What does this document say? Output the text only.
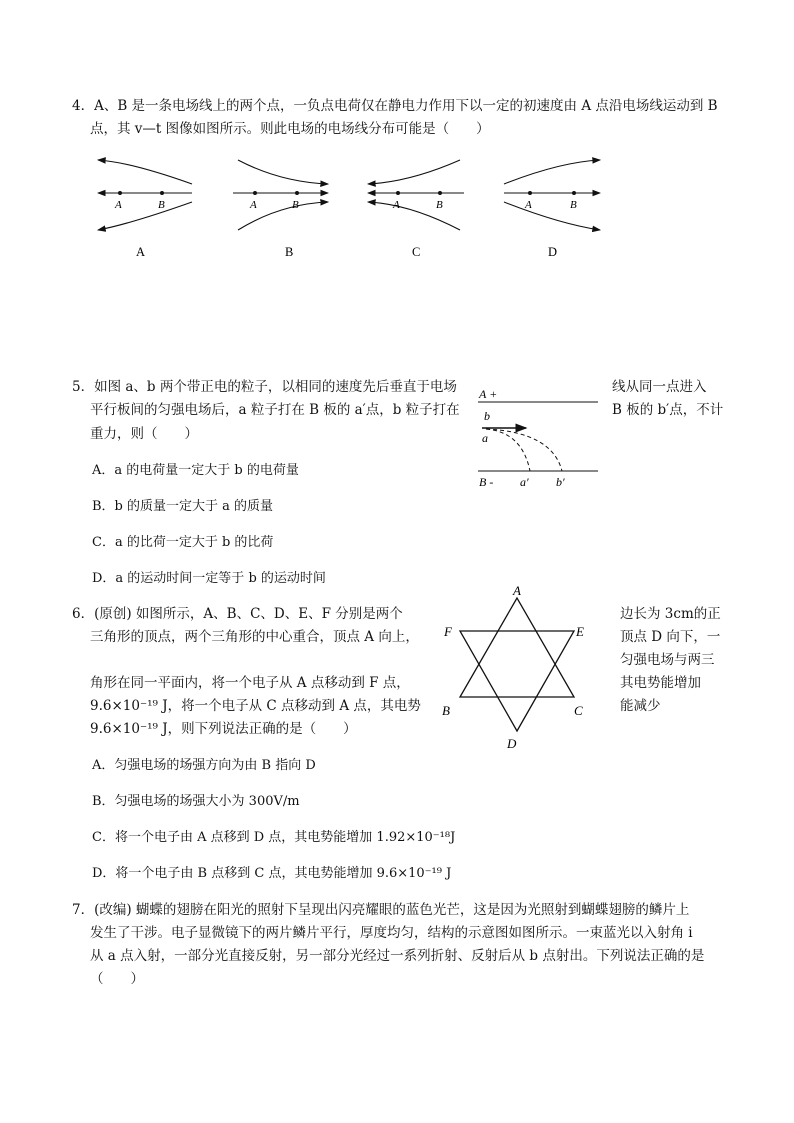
4．A、B 是一条电场线上的两个点，一负点电荷仅在静电力作用下以一定的初速度由 A 点沿电场线运动到 B
点，其 v—t 图像如图所示。则此电场的电场线分布可能是（　　）
A	B	A	B	A	B	A	B
A	B	C	D
5．如图 a、b 两个带正电的粒子，以相同的速度先后垂直于电场	线从同一点进入
平行板间的匀强电场后，a 粒子打在 B 板的 a′点，b 粒子打在	B 板的 b′点，不计
重力，则（　　）
A +
b
a
B - a′ b′
A．a 的电荷量一定大于 b 的电荷量
B．b 的质量一定大于 a 的质量
C．a 的比荷一定大于 b 的比荷
D．a 的运动时间一定等于 b 的运动时间
6．(原创) 如图所示，A、B、C、D、E、F 分别是两个	边长为 3cm的正
三角形的顶点，两个三角形的中心重合，顶点 A 向上，	顶点 D 向下，一
匀强电场与两三
角形在同一平面内，将一个电子从 A 点移动到 F 点，	其电势能增加
9.6×10⁻¹⁹ J，将一个电子从 C 点移动到 A 点，其电势	能减少
9.6×10⁻¹⁹ J，则下列说法正确的是（　　）
A
B	C
D
E
F
A．匀强电场的场强方向为由 B 指向 D
B．匀强电场的场强大小为 300V/m
C．将一个电子由 A 点移到 D 点，其电势能增加 1.92×10⁻¹⁸J
D．将一个电子由 B 点移到 C 点，其电势能增加 9.6×10⁻¹⁹ J
7．(改编) 蝴蝶的翅膀在阳光的照射下呈现出闪亮耀眼的蓝色光芒，这是因为光照射到蝴蝶翅膀的鳞片上
发生了干涉。电子显微镜下的两片鳞片平行，厚度均匀，结构的示意图如图所示。一束蓝光以入射角 i
从 a 点入射，一部分光直接反射，另一部分光经过一系列折射、反射后从 b 点射出。下列说法正确的是
（　　）
